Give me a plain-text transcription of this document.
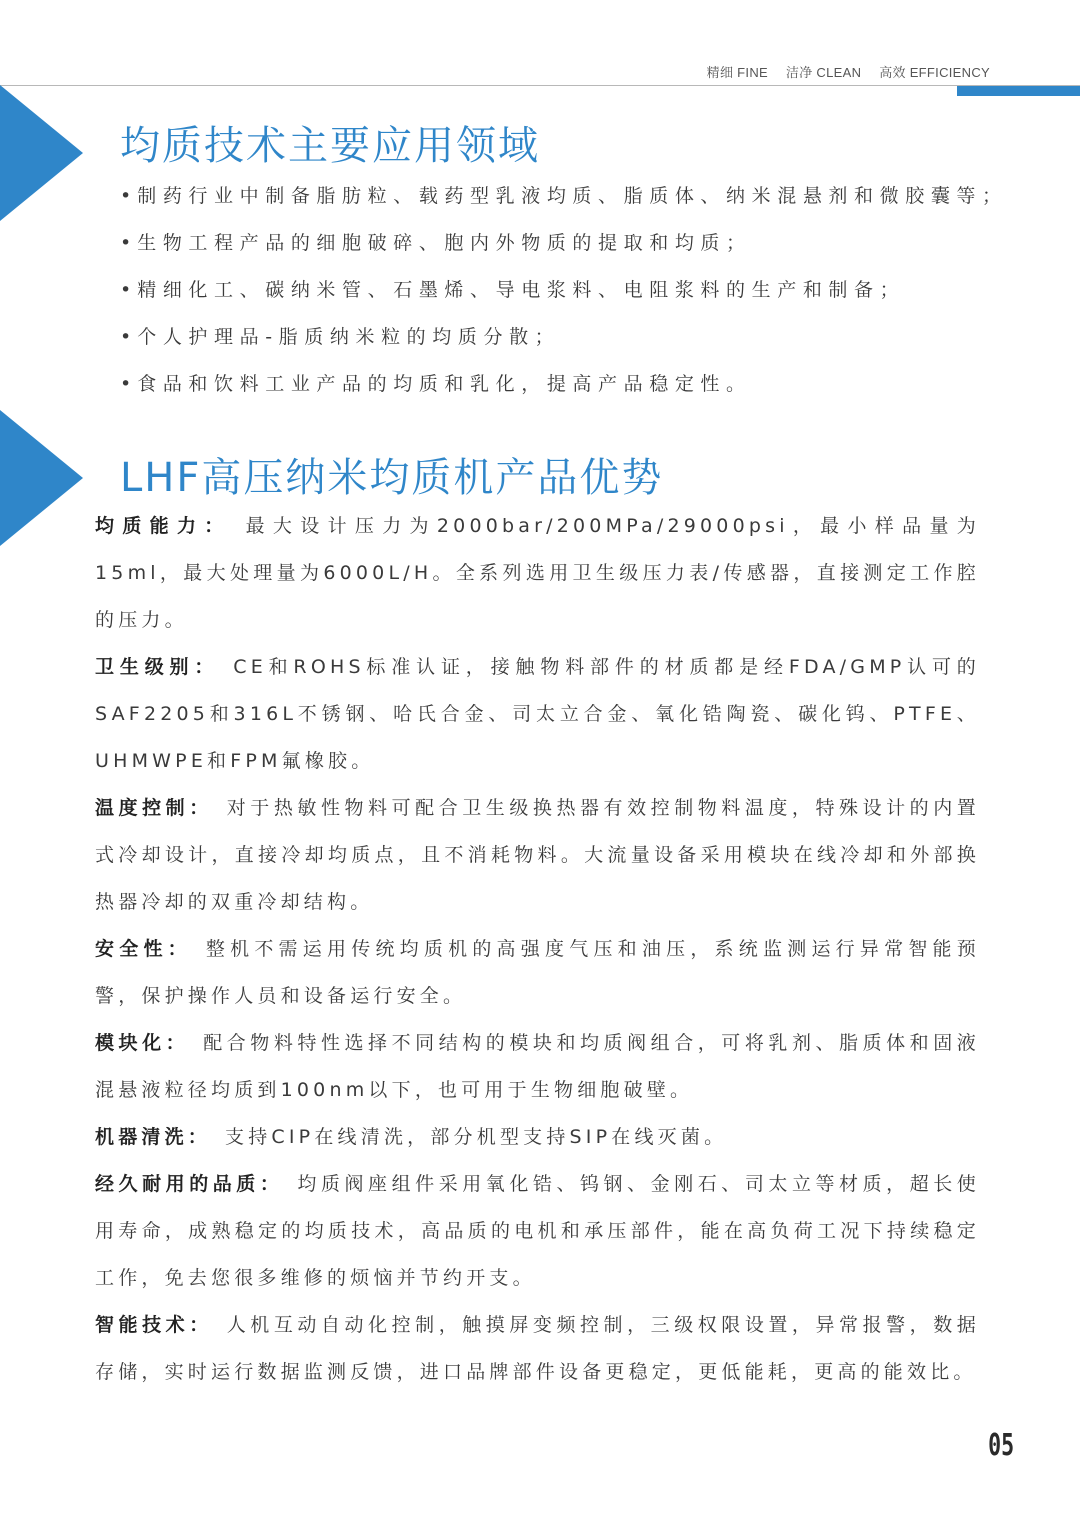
精细 FINE 洁净 CLEAN 高效 EFFICIENCY
均质技术主要应用领域
• 制药行业中制备脂肪粒、载药型乳液均质、脂质体、纳米混悬剂和微胶囊等；
• 生物工程产品的细胞破碎、胞内外物质的提取和均质；
• 精细化工、碳纳米管、石墨烯、导电浆料、电阻浆料的生产和制备；
• 个人护理品-脂质纳米粒的均质分散；
• 食品和饮料工业产品的均质和乳化，提高产品稳定性。
LHF高压纳米均质机产品优势

均质能力： 最大设计压力为2000bar/200MPa/29000psi，最小样品量为15ml，最大处理量为6000L/H。全系列选用卫生级压力表/传感器，直接测定工作腔的压力。

卫生级别： CE和ROHS标准认证，接触物料部件的材质都是经FDA/GMP认可的SAF2205和316L不锈钢、哈氏合金、司太立合金、氧化锆陶瓷、碳化钨、PTFE、UHMWPE和FPM氟橡胶。

温度控制： 对于热敏性物料可配合卫生级换热器有效控制物料温度，特殊设计的内置式冷却设计，直接冷却均质点，且不消耗物料。大流量设备采用模块在线冷却和外部换热器冷却的双重冷却结构。

安全性： 整机不需运用传统均质机的高强度气压和油压，系统监测运行异常智能预警，保护操作人员和设备运行安全。

模块化： 配合物料特性选择不同结构的模块和均质阀组合，可将乳剂、脂质体和固液混悬液粒径均质到100nm以下，也可用于生物细胞破壁。

机器清洗： 支持CIP在线清洗，部分机型支持SIP在线灭菌。

经久耐用的品质： 均质阀座组件采用氧化锆、钨钢、金刚石、司太立等材质，超长使用寿命，成熟稳定的均质技术，高品质的电机和承压部件，能在高负荷工况下持续稳定工作，免去您很多维修的烦恼并节约开支。

智能技术： 人机互动自动化控制，触摸屏变频控制，三级权限设置，异常报警，数据存储，实时运行数据监测反馈，进口品牌部件设备更稳定，更低能耗，更高的能效比。

05
